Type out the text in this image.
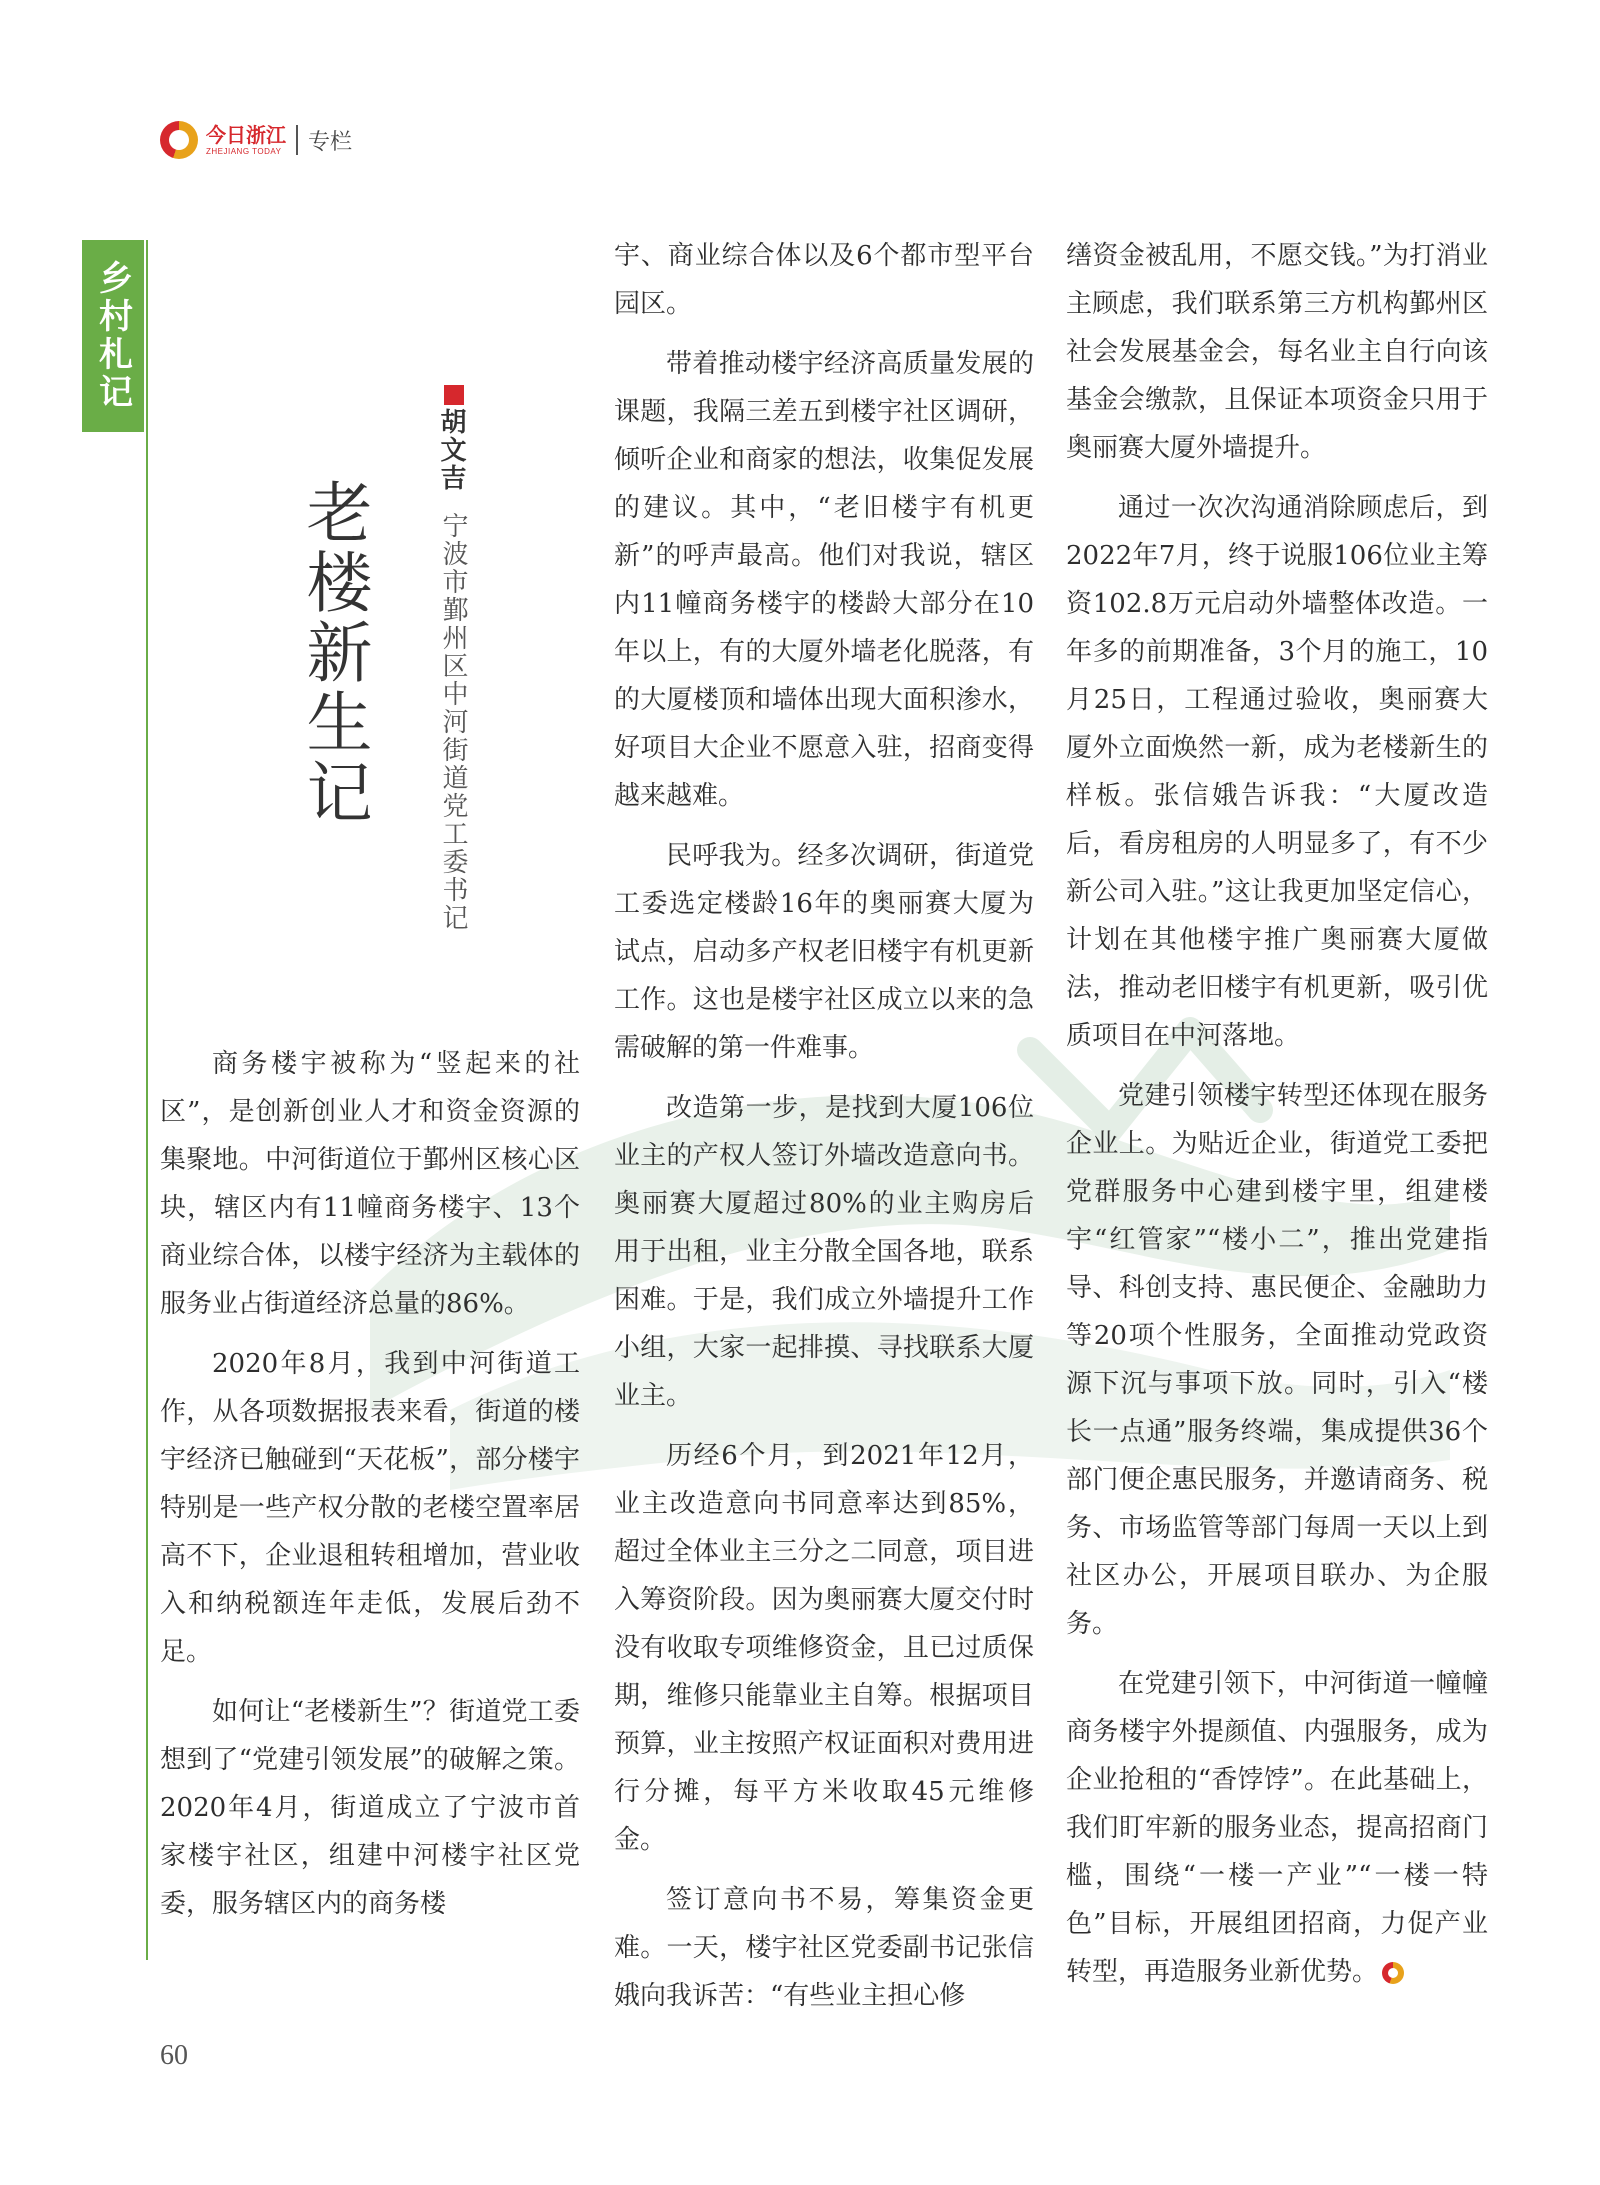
今日浙江
ZHEJIANG TODAY 专栏
乡村札记
老楼新生记
胡文吉
宁波市鄞州区中河街道党工委书记

商务楼宇被称为“竖起来的社区”，是创新创业人才和资金资源的集聚地。中河街道位于鄞州区核心区块，辖区内有11幢商务楼宇、13个商业综合体，以楼宇经济为主载体的服务业占街道经济总量的86%。

2020年8月，我到中河街道工作，从各项数据报表来看，街道的楼宇经济已触碰到“天花板”，部分楼宇特别是一些产权分散的老楼空置率居高不下，企业退租转租增加，营业收入和纳税额连年走低，发展后劲不足。

如何让“老楼新生”？街道党工委想到了“党建引领发展”的破解之策。2020年4月，街道成立了宁波市首家楼宇社区，组建中河楼宇社区党委，服务辖区内的商务楼

宇、商业综合体以及6个都市型平台园区。

带着推动楼宇经济高质量发展的课题，我隔三差五到楼宇社区调研，倾听企业和商家的想法，收集促发展的建议。其中，“老旧楼宇有机更新”的呼声最高。他们对我说，辖区内11幢商务楼宇的楼龄大部分在10年以上，有的大厦外墙老化脱落，有的大厦楼顶和墙体出现大面积渗水，好项目大企业不愿意入驻，招商变得越来越难。

民呼我为。经多次调研，街道党工委选定楼龄16年的奥丽赛大厦为试点，启动多产权老旧楼宇有机更新工作。这也是楼宇社区成立以来的急需破解的第一件难事。

改造第一步，是找到大厦106位业主的产权人签订外墙改造意向书。奥丽赛大厦超过80%的业主购房后用于出租，业主分散全国各地，联系困难。于是，我们成立外墙提升工作小组，大家一起排摸、寻找联系大厦业主。

历经6个月，到2021年12月，业主改造意向书同意率达到85%，超过全体业主三分之二同意，项目进入筹资阶段。因为奥丽赛大厦交付时没有收取专项维修资金，且已过质保期，维修只能靠业主自筹。根据项目预算，业主按照产权证面积对费用进行分摊，每平方米收取45元维修金。

签订意向书不易，筹集资金更难。一天，楼宇社区党委副书记张信娥向我诉苦：“有些业主担心修

缮资金被乱用，不愿交钱。”为打消业主顾虑，我们联系第三方机构鄞州区社会发展基金会，每名业主自行向该基金会缴款，且保证本项资金只用于奥丽赛大厦外墙提升。

通过一次次沟通消除顾虑后，到2022年7月，终于说服106位业主筹资102.8万元启动外墙整体改造。一年多的前期准备，3个月的施工，10月25日，工程通过验收，奥丽赛大厦外立面焕然一新，成为老楼新生的样板。张信娥告诉我：“大厦改造后，看房租房的人明显多了，有不少新公司入驻。”这让我更加坚定信心，计划在其他楼宇推广奥丽赛大厦做法，推动老旧楼宇有机更新，吸引优质项目在中河落地。

党建引领楼宇转型还体现在服务企业上。为贴近企业，街道党工委把党群服务中心建到楼宇里，组建楼宇“红管家”“楼小二”，推出党建指导、科创支持、惠民便企、金融助力等20项个性服务，全面推动党政资源下沉与事项下放。同时，引入“楼长一点通”服务终端，集成提供36个部门便企惠民服务，并邀请商务、税务、市场监管等部门每周一天以上到社区办公，开展项目联办、为企服务。

在党建引领下，中河街道一幢幢商务楼宇外提颜值、内强服务，成为企业抢租的“香饽饽”。在此基础上，我们盯牢新的服务业态，提高招商门槛，围绕“一楼一产业”“一楼一特色”目标，开展组团招商，力促产业转型，再造服务业新优势。

60
